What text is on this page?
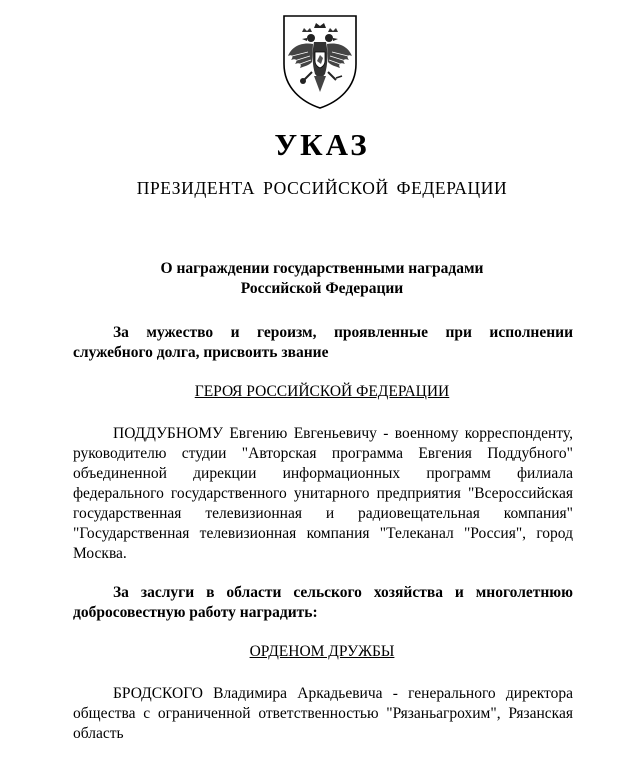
УКАЗ
ПРЕЗИДЕНТА РОССИЙСКОЙ ФЕДЕРАЦИИ
О награждении государственными наградами
Российской Федерации
За мужество и героизм, проявленные при исполнении служебного долга, присвоить звание
ГЕРОЯ РОССИЙСКОЙ ФЕДЕРАЦИИ
ПОДДУБНОМУ Евгению Евгеньевичу - военному корреспонденту, руководителю студии "Авторская программа Евгения Поддубного" объединенной дирекции информационных программ филиала федерального государственного унитарного предприятия "Всероссийская государственная телевизионная и радиовещательная компания" "Государственная телевизионная компания "Телеканал "Россия", город Москва.
За заслуги в области сельского хозяйства и многолетнюю добросовестную работу наградить:
ОРДЕНОМ ДРУЖБЫ
БРОДСКОГО Владимира Аркадьевича - генерального директора общества с ограниченной ответственностью "Рязаньагрохим", Рязанская область
